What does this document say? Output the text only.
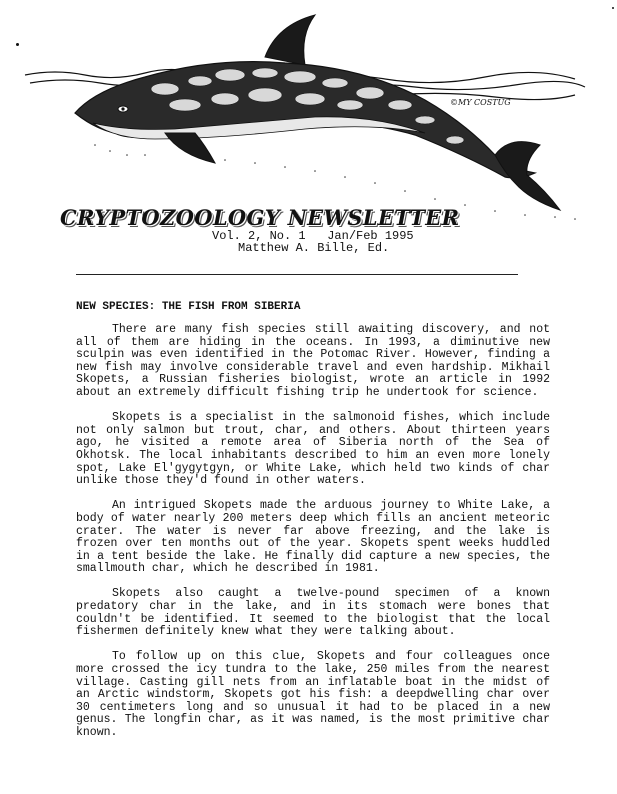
©MY COSTUG
CRYPTOZOOLOGY NEWSLETTER
Vol. 2, No. 1   Jan/Feb 1995
Matthew A. Bille, Ed.
NEW SPECIES: THE FISH FROM SIBERIA

There are many fish species still awaiting discovery, and not all of them are hiding in the oceans. In 1993, a diminutive new sculpin was even identified in the Potomac River. However, finding a new fish may involve considerable travel and even hardship. Mikhail Skopets, a Russian fisheries biologist, wrote an article in 1992 about an extremely difficult fishing trip he undertook for science.

Skopets is a specialist in the salmonoid fishes, which include not only salmon but trout, char, and others. About thirteen years ago, he visited a remote area of Siberia north of the Sea of Okhotsk. The local inhabitants described to him an even more lonely spot, Lake El'gygytgyn, or White Lake, which held two kinds of char unlike those they'd found in other waters.

An intrigued Skopets made the arduous journey to White Lake, a body of water nearly 200 meters deep which fills an ancient meteoric crater. The water is never far above freezing, and the lake is frozen over ten months out of the year. Skopets spent weeks huddled in a tent beside the lake. He finally did capture a new species, the smallmouth char, which he described in 1981.

Skopets also caught a twelve-pound specimen of a known predatory char in the lake, and in its stomach were bones that couldn't be identified. It seemed to the biologist that the local fishermen definitely knew what they were talking about.

To follow up on this clue, Skopets and four colleagues once more crossed the icy tundra to the lake, 250 miles from the nearest village. Casting gill nets from an inflatable boat in the midst of an Arctic windstorm, Skopets got his fish: a deepdwelling char over 30 centimeters long and so unusual it had to be placed in a new genus. The longfin char, as it was named, is the most primitive char known.
